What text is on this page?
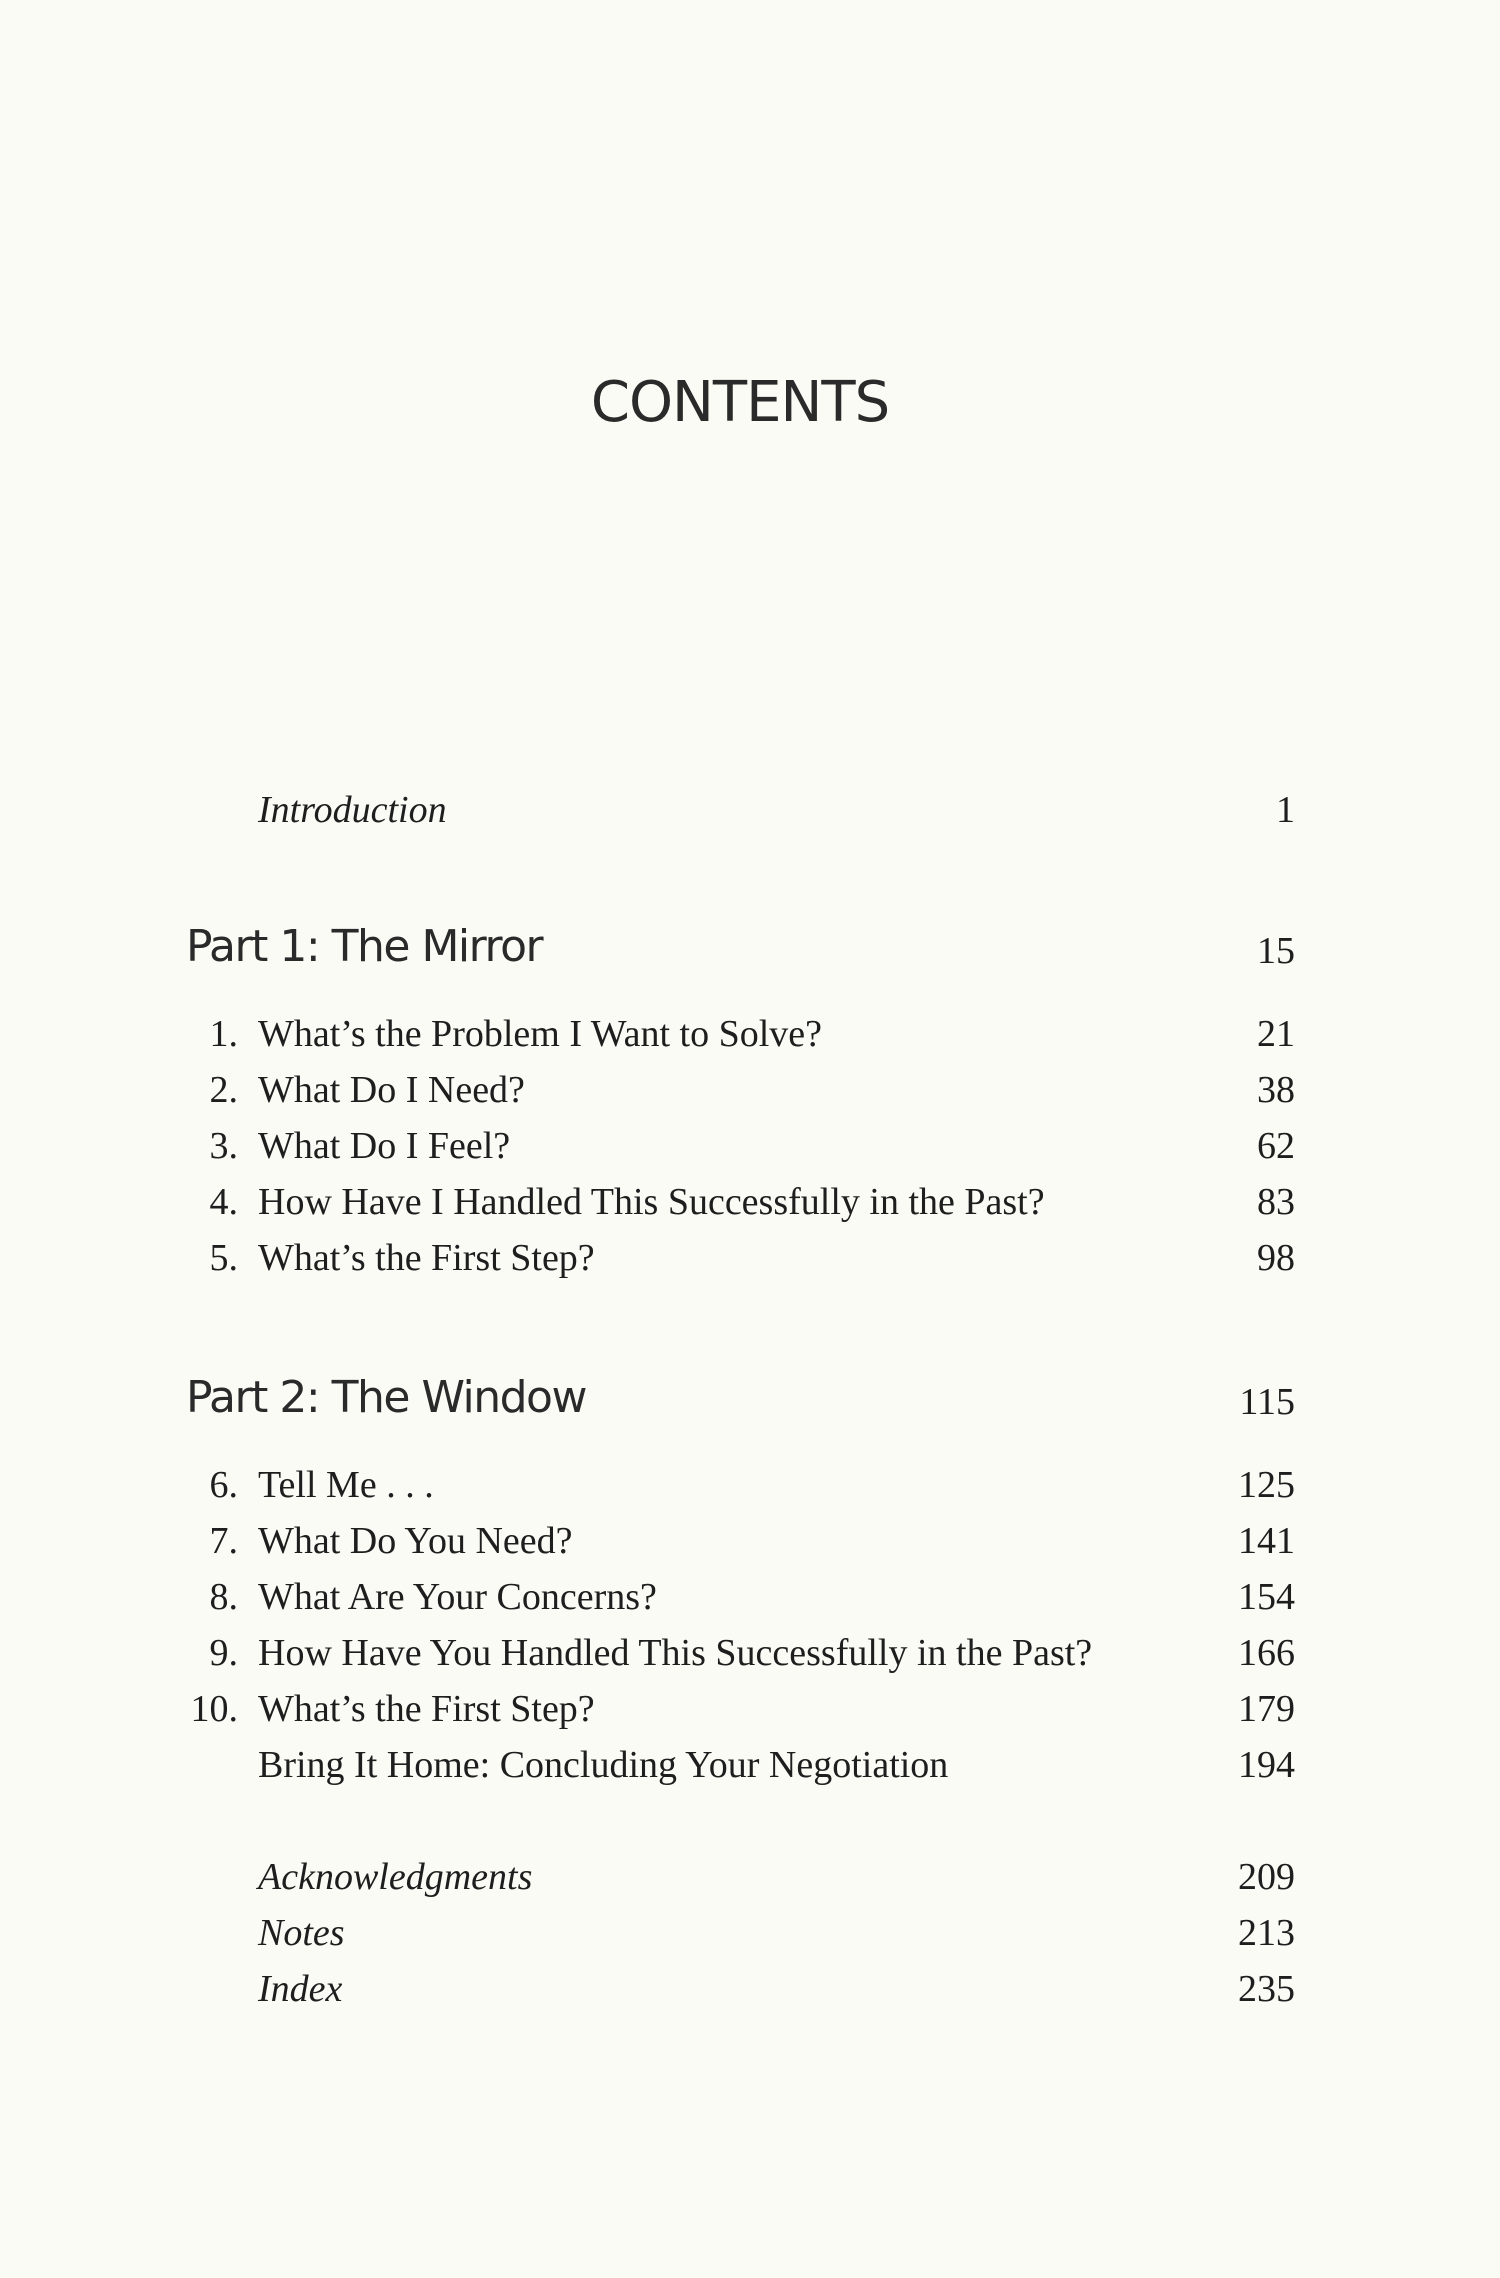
CONTENTS
Introduction	1
Part 1: The Mirror	15
1. What’s the Problem I Want to Solve?	21
2. What Do I Need?	38
3. What Do I Feel?	62
4. How Have I Handled This Successfully in the Past?	83
5. What’s the First Step?	98
Part 2: The Window	115
6. Tell Me . . .	125
7. What Do You Need?	141
8. What Are Your Concerns?	154
9. How Have You Handled This Successfully in the Past?	166
10. What’s the First Step?	179
Bring It Home: Concluding Your Negotiation	194
Acknowledgments	209
Notes	213
Index	235
